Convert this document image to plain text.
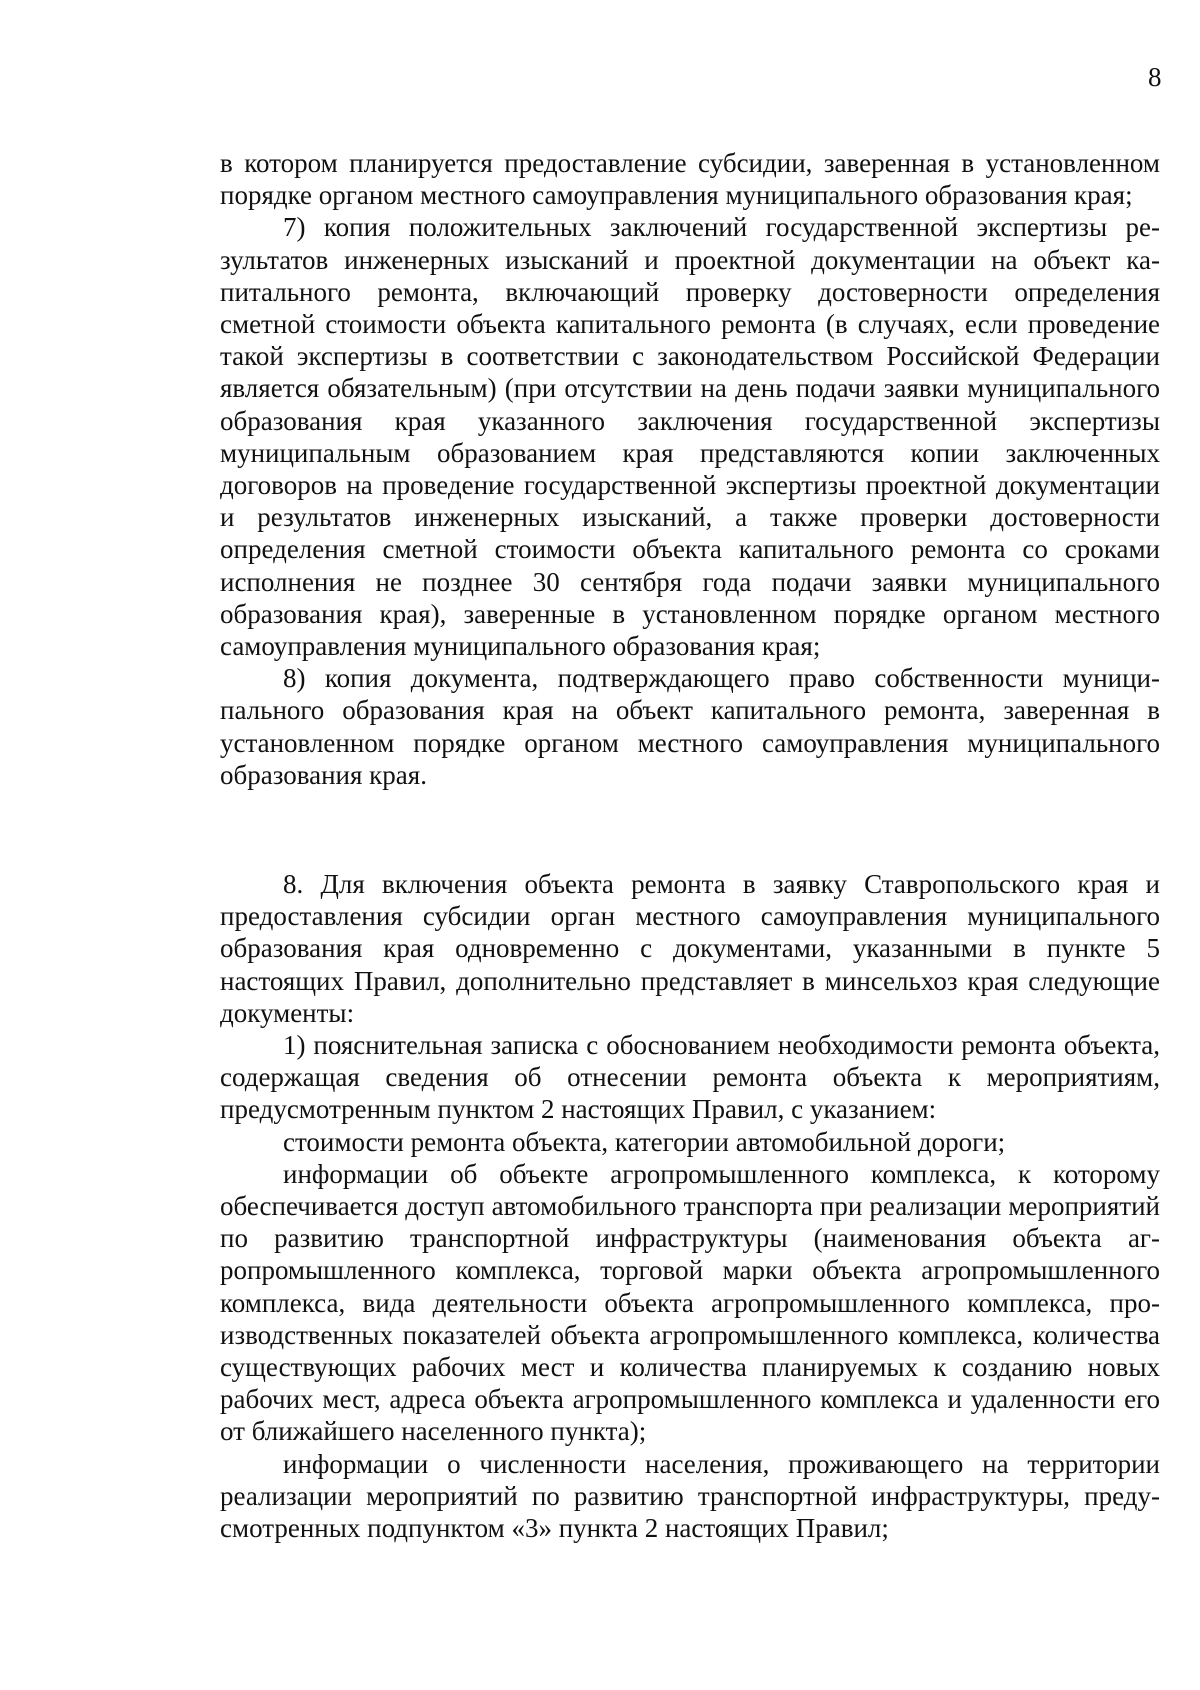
8

в котором планируется предоставление субсидии, заверенная в установленном порядке органом местного самоуправления муниципального образования края;

7) копия положительных заключений государственной экспертизы результатов инженерных изысканий и проектной документации на объект капитального ремонта, включающий проверку достоверности определения сметной стоимости объекта капитального ремонта (в случаях, если проведение такой экспертизы в соответствии с законодательством Российской Федерации является обязательным) (при отсутствии на день подачи заявки муниципального образования края указанного заключения государственной экспертизы муниципальным образованием края представляются копии заключенных договоров на проведение государственной экспертизы проектной документации и результатов инженерных изысканий, а также проверки достоверности определения сметной стоимости объекта капитального ремонта со сроками исполнения не позднее 30 сентября года подачи заявки муниципального образования края), заверенные в установленном порядке органом местного самоуправления муниципального образования края;

8) копия документа, подтверждающего право собственности муниципального образования края на объект капитального ремонта, заверенная в установленном порядке органом местного самоуправления муниципального образования края.

8. Для включения объекта ремонта в заявку Ставропольского края и предоставления субсидии орган местного самоуправления муниципального образования края одновременно с документами, указанными в пункте 5 настоящих Правил, дополнительно представляет в минсельхоз края следующие документы:

1) пояснительная записка с обоснованием необходимости ремонта объекта, содержащая сведения об отнесении ремонта объекта к мероприятиям, предусмотренным пунктом 2 настоящих Правил, с указанием:

стоимости ремонта объекта, категории автомобильной дороги;

информации об объекте агропромышленного комплекса, к которому обеспечивается доступ автомобильного транспорта при реализации мероприятий по развитию транспортной инфраструктуры (наименования объекта агропромышленного комплекса, торговой марки объекта агропромышленного комплекса, вида деятельности объекта агропромышленного комплекса, производственных показателей объекта агропромышленного комплекса, количества существующих рабочих мест и количества планируемых к созданию новых рабочих мест, адреса объекта агропромышленного комплекса и удаленности его от ближайшего населенного пункта);

информации о численности населения, проживающего на территории реализации мероприятий по развитию транспортной инфраструктуры, предусмотренных подпунктом «3» пункта 2 настоящих Правил;
